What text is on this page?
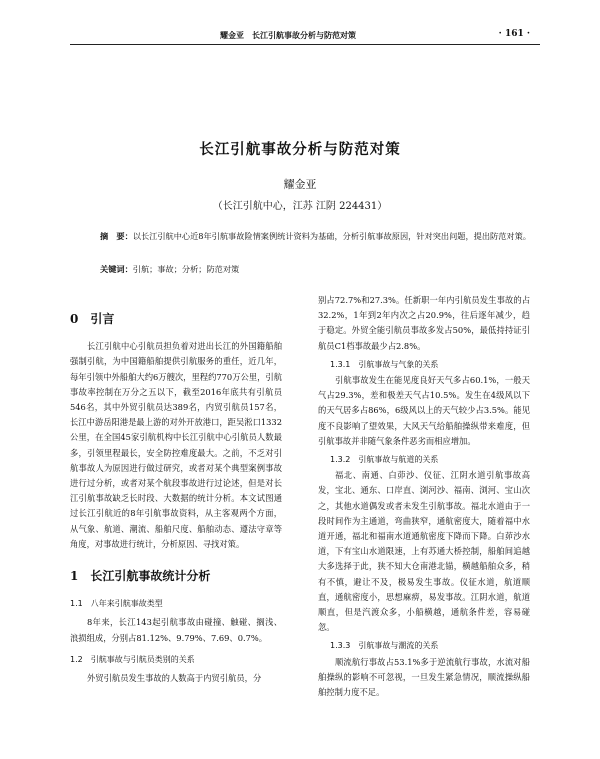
耀金亚　长江引航事故分析与防范对策	· 161 ·
长江引航事故分析与防范对策
耀金亚
（长江引航中心，江苏 江阴 224431）
摘　要：以长江引航中心近8年引航事故险情案例统计资料为基础，分析引航事故原因，针对突出问题，提出防范对策。
关键词：引航；事故；分析；防范对策
0　引言

长江引航中心引航员担负着对进出长江的外国籍船舶强制引航，为中国籍船舶提供引航服务的重任，近几年，每年引领中外船舶大约6万艘次，里程约770万公里，引航事故率控制在万分之五以下，截至2016年底共有引航员546名，其中外贸引航员达389名，内贸引航员157名，长江中游岳阳港是最上游的对外开放港口，距吴淞口1332公里，在全国45家引航机构中长江引航中心引航员人数最多，引领里程最长，安全防控难度最大。之前，不乏对引航事故人为原因进行做过研究，或者对某个典型案例事故进行过分析，或者对某个航段事故进行过论述，但是对长江引航事故缺乏长时段、大数据的统计分析。本文试图通过长江引航近的8年引航事故资料，从主客观两个方面，从气象、航道、潮流、船舶尺度、船舶动态、遵法守章等角度，对事故进行统计，分析原因、寻找对策。

1　长江引航事故统计分析
1.1　八年来引航事故类型

8年来，长江143起引航事故由碰撞、触碰、搁浅、浪损组成，分别占81.12%、9.79%、7.69、0.7%。

1.2　引航事故与引航员类别的关系

外贸引航员发生事故的人数高于内贸引航员，分

别占72.7%和27.3%。任新职一年内引航员发生事故的占32.2%，1年到2年内次之占20.9%，往后逐年减少，趋于稳定。外贸全能引航员事故多发占50%，最低持持证引航员C1档事故最少占2.8%。

1.3.1　引航事故与气象的关系

引航事故发生在能见度良好天气多占60.1%，一般天气占29.3%，差和极差天气占10.5%。发生在4级风以下的天气居多占86%，6级风以上的天气较少占3.5%。能见度不良影响了望效果，大风天气给船舶操纵带来难度，但引航事故并非随气象条件恶劣而相应增加。

1.3.2　引航事故与航道的关系

福北、南通、白茆沙、仪征、江阴水道引航事故高发，宝北、通东、口岸直、浏河沙、福南、浏河、宝山次之，其他水道偶发或者未发生引航事故。福北水道由于一段时间作为主通道，弯曲狭窄，通航密度大，随着福中水道开通，福北和福南水道通航密度下降而下降。白茆沙水道，下有宝山水道限速，上有苏通大桥控制，船舶间追越大多选择于此，狭不知大仓南港北锚，横越船舶众多，稍有不慎，避让不及，极易发生事故。仪征水道，航道顺直，通航密度小，思想麻痹，易发事故。江阴水道，航道顺直，但是汽渡众多，小船横越，通航条件差，容易碰忽。

1.3.3　引航事故与潮流的关系

顺流航行事故占53.1%多于逆流航行事故，水流对船舶操纵的影响不可忽视，一旦发生紧急情况，顺流操纵船舶控制力度不足。
